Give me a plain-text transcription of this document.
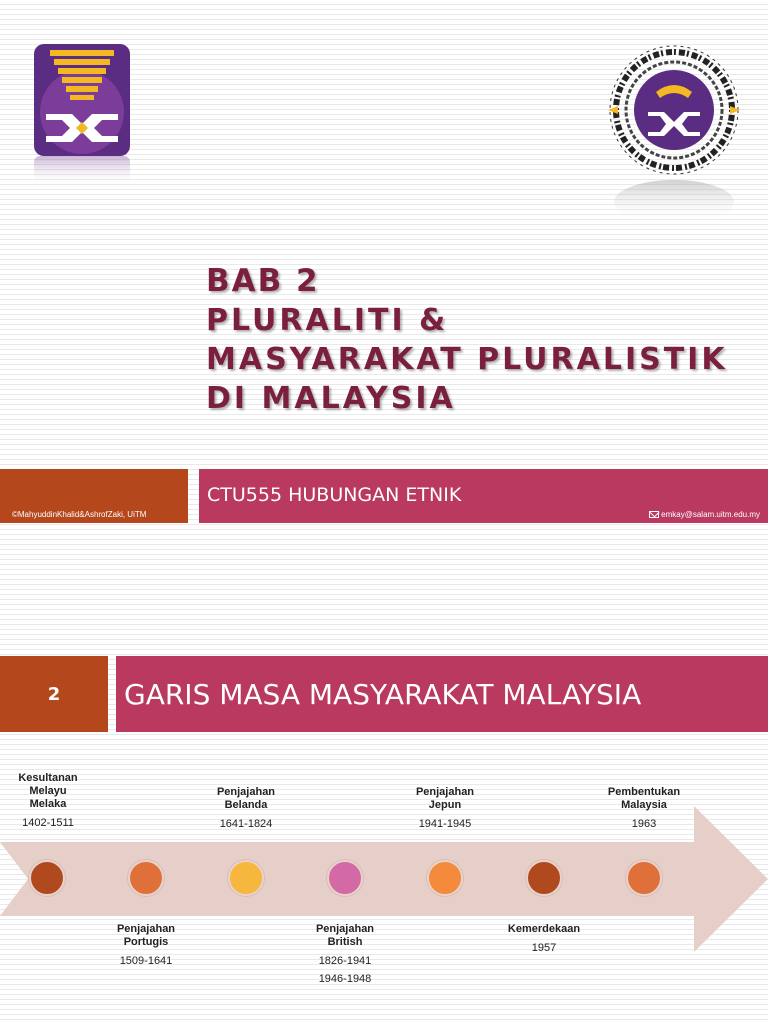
BAB 2
PLURALITI &
MASYARAKAT PLURALISTIK
DI MALAYSIA
©MahyuddinKhalid&AshrofZaki, UiTM
CTU555 HUBUNGAN ETNIK
emkay@salam.uitm.edu.my
2	GARIS MASA MASYARAKAT MALAYSIA
Kesultanan
Melayu
Melaka
1402-1511
Penjajahan
Belanda
1641-1824
Penjajahan
Jepun
1941-1945
Pembentukan
Malaysia
1963
Penjajahan
Portugis
1509-1641
Penjajahan
British
1826-1941
1946-1948
Kemerdekaan
1957
